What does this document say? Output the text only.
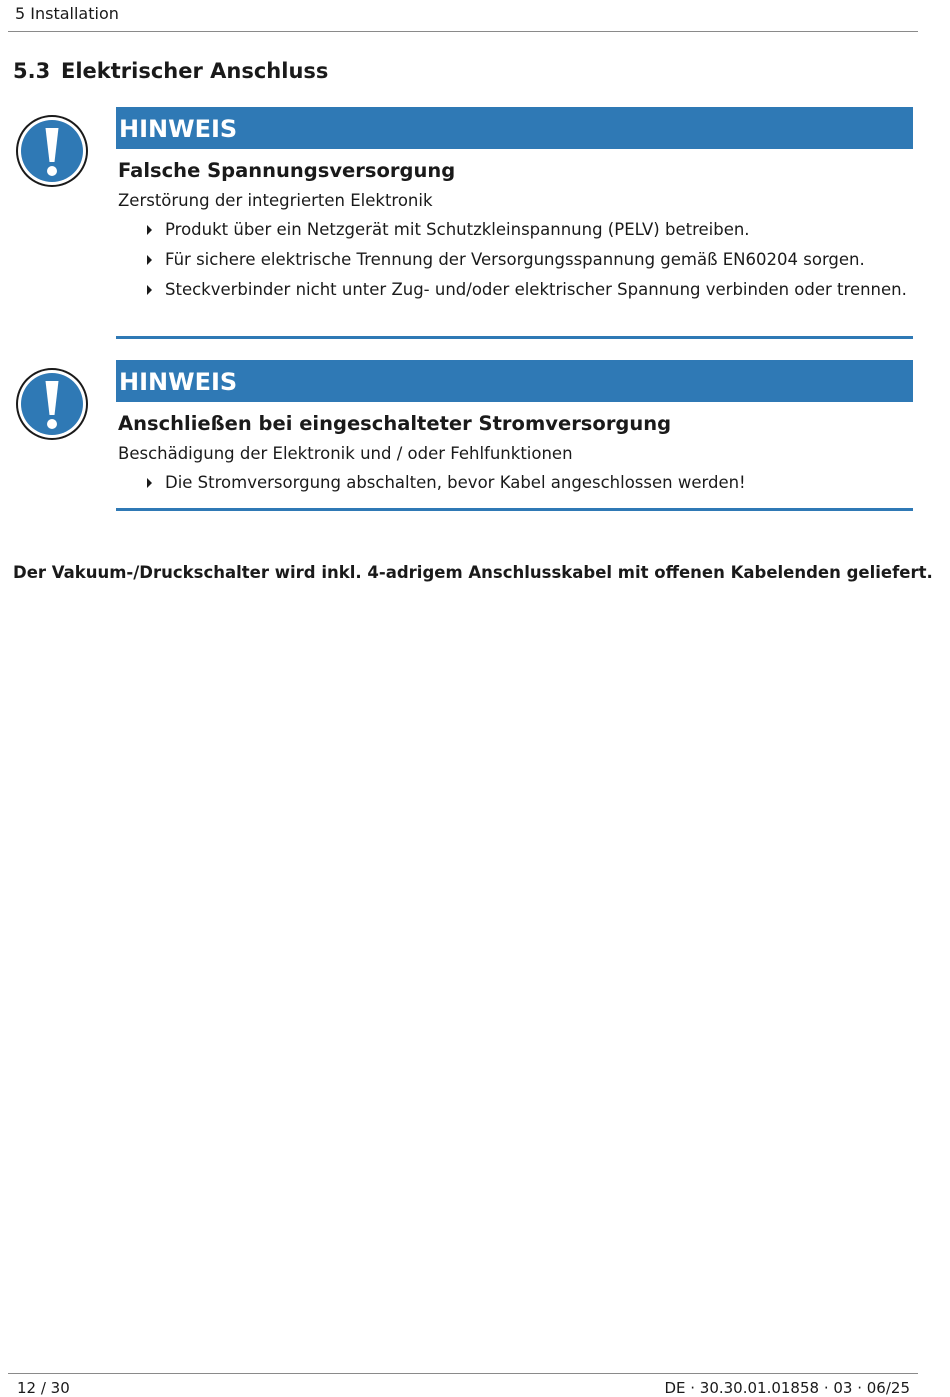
5 Installation
5.3 Elektrischer Anschluss
HINWEIS
Falsche Spannungsversorgung

Zerstörung der integrierten Elektronik

Produkt über ein Netzgerät mit Schutzkleinspannung (PELV) betreiben.
Für sichere elektrische Trennung der Versorgungsspannung gemäß EN60204 sorgen.
Steckverbinder nicht unter Zug- und/oder elektrischer Spannung verbinden oder trennen.
HINWEIS
Anschließen bei eingeschalteter Stromversorgung

Beschädigung der Elektronik und / oder Fehlfunktionen

Die Stromversorgung abschalten, bevor Kabel angeschlossen werden!

Der Vakuum-/Druckschalter wird inkl. 4-adrigem Anschlusskabel mit offenen Kabelenden geliefert.

12 / 30	DE · 30.30.01.01858 · 03 · 06/25
